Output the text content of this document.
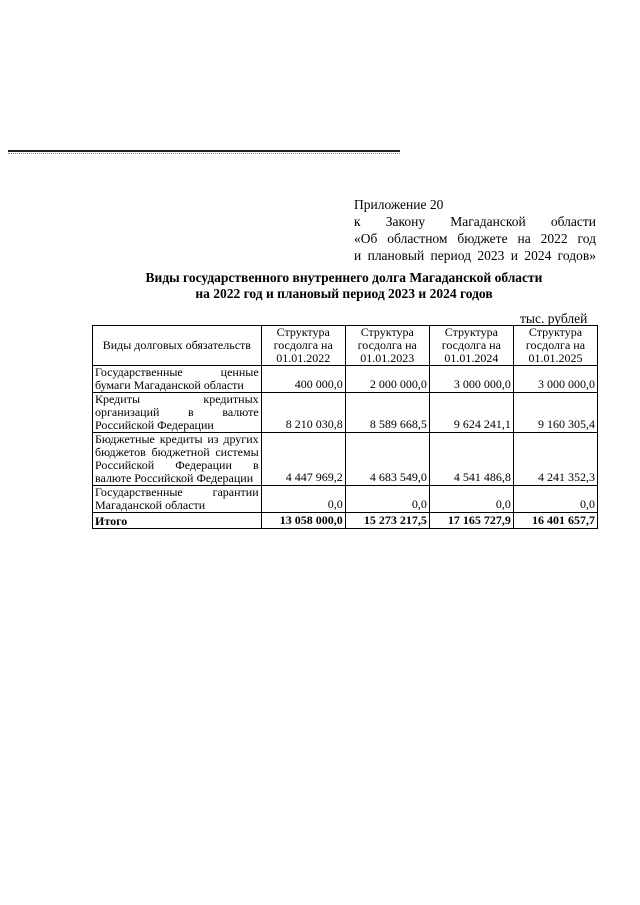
Приложение 20
к Закону Магаданской области
«Об областном бюджете на 2022 год
и плановый период 2023 и 2024 годов»
Виды государственного внутреннего долга Магаданской области
на 2022 год и плановый период 2023 и 2024 годов
тыс. рублей
Виды долговых обязательств	Структура госдолга на 01.01.2022	Структура госдолга на 01.01.2023	Структура госдолга на 01.01.2024	Структура госдолга на 01.01.2025
Государственные ценные бумаги Магаданской области	400 000,0	2 000 000,0	3 000 000,0	3 000 000,0
Кредиты кредитных организаций в валюте Российской Федерации	8 210 030,8	8 589 668,5	9 624 241,1	9 160 305,4
Бюджетные кредиты из других бюджетов бюджетной системы Российской Федерации в валюте Российской Федерации	4 447 969,2	4 683 549,0	4 541 486,8	4 241 352,3
Государственные гарантии Магаданской области	0,0	0,0	0,0	0,0
Итого	13 058 000,0	15 273 217,5	17 165 727,9	16 401 657,7
